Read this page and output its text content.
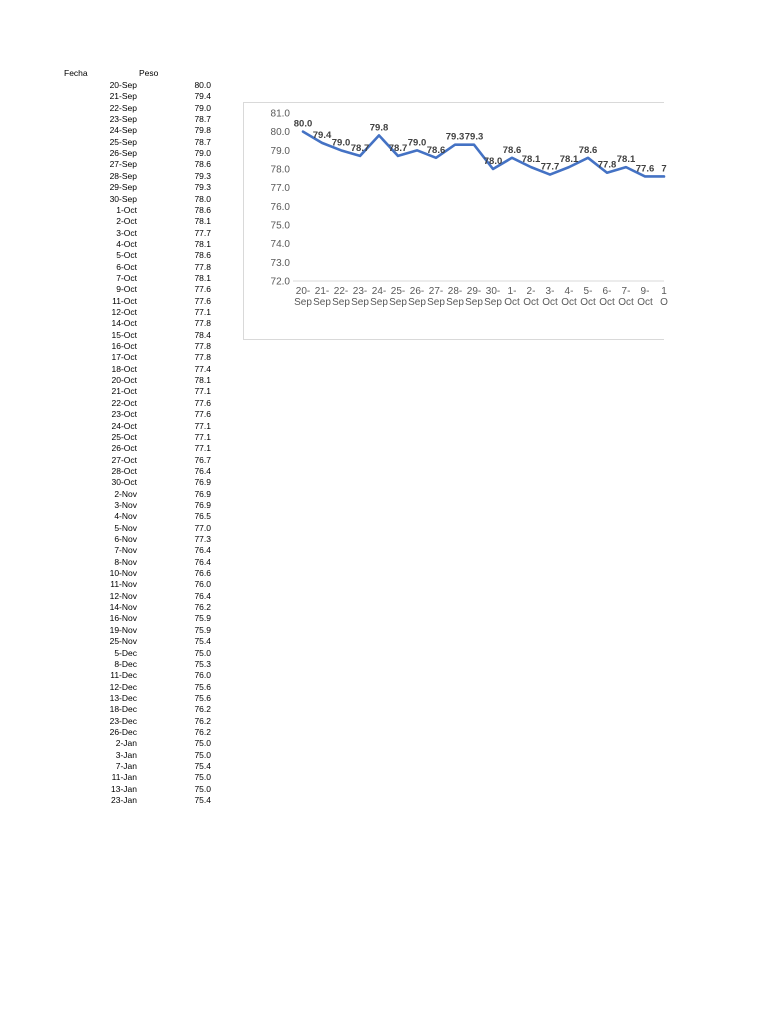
Fecha	Peso
20-Sep	80.0
21-Sep	79.4
22-Sep	79.0
23-Sep	78.7
24-Sep	79.8
25-Sep	78.7
26-Sep	79.0
27-Sep	78.6
28-Sep	79.3
29-Sep	79.3
30-Sep	78.0
1-Oct	78.6
2-Oct	78.1
3-Oct	77.7
4-Oct	78.1
5-Oct	78.6
6-Oct	77.8
7-Oct	78.1
9-Oct	77.6
11-Oct	77.6
12-Oct	77.1
14-Oct	77.8
15-Oct	78.4
16-Oct	77.8
17-Oct	77.8
18-Oct	77.4
20-Oct	78.1
21-Oct	77.1
22-Oct	77.6
23-Oct	77.6
24-Oct	77.1
25-Oct	77.1
26-Oct	77.1
27-Oct	76.7
28-Oct	76.4
30-Oct	76.9
2-Nov	76.9
3-Nov	76.9
4-Nov	76.5
5-Nov	77.0
6-Nov	77.3
7-Nov	76.4
8-Nov	76.4
10-Nov	76.6
11-Nov	76.0
12-Nov	76.4
14-Nov	76.2
16-Nov	75.9
19-Nov	75.9
25-Nov	75.4
5-Dec	75.0
8-Dec	75.3
11-Dec	76.0
12-Dec	75.6
13-Dec	75.6
18-Dec	76.2
23-Dec	76.2
26-Dec	76.2
2-Jan	75.0
3-Jan	75.0
7-Jan	75.4
11-Jan	75.0
13-Jan	75.0
23-Jan	75.4
72.0
73.0
74.0
75.0
76.0
77.0
78.0
79.0
80.0
81.0
20-
Sep
21-
Sep
22-
Sep
23-
Sep
24-
Sep
25-
Sep
26-
Sep
27-
Sep
28-
Sep
29-
Sep
30-
Sep
1-
Oct
2-
Oct
3-
Oct
4-
Oct
5-
Oct
6-
Oct
7-
Oct
9-
Oct
1
O
80.0
79.4
79.0
78.7
79.8
78.7
79.0
78.6
79.3 79.3
78.0
78.6
78.1
77.7
78.1
78.6
77.8
78.1
77.6 7
